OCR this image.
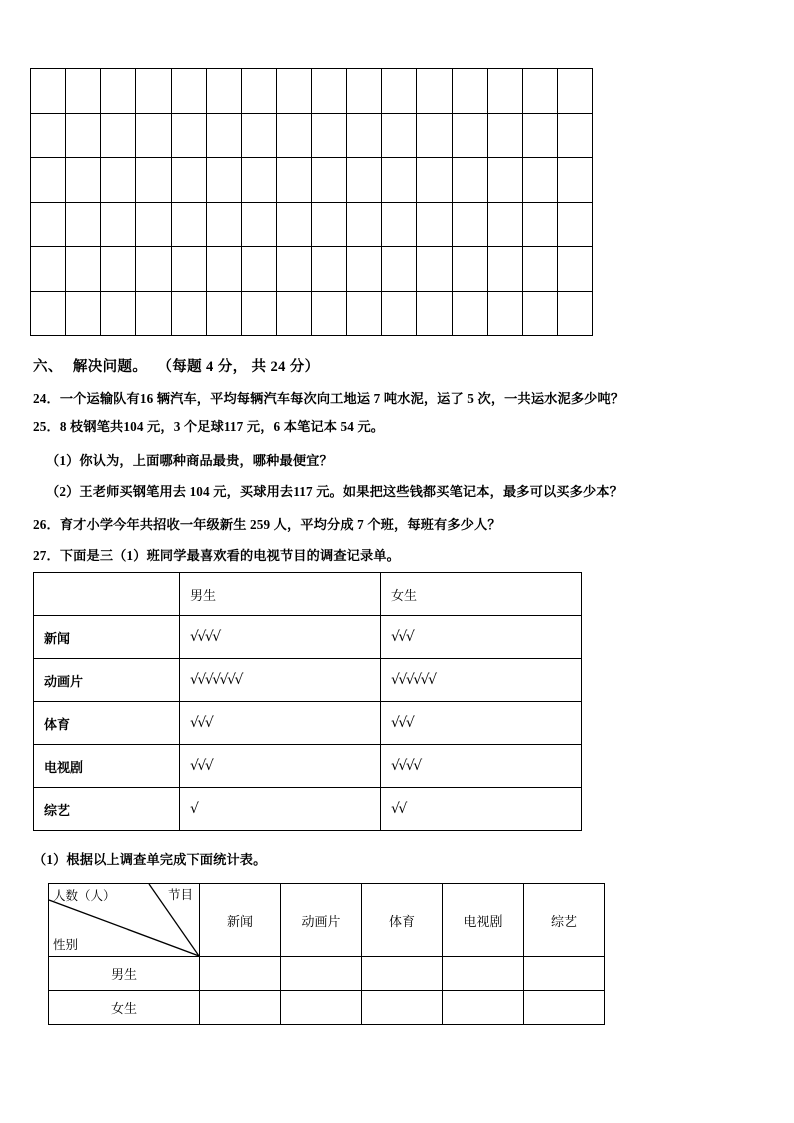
六、 解决问题。 （每题 4 分， 共 24 分）
24．一个运输队有16 辆汽车，平均每辆汽车每次向工地运 7 吨水泥，运了 5 次，一共运水泥多少吨？
25．8 枝钢笔共104 元，3 个足球117 元，6 本笔记本 54 元。
（1）你认为，上面哪种商品最贵，哪种最便宜？
（2）王老师买钢笔用去 104 元，买球用去117 元。如果把这些钱都买笔记本，最多可以买多少本？
26．育才小学今年共招收一年级新生 259 人，平均分成 7 个班，每班有多少人？
27．下面是三（1）班同学最喜欢看的电视节目的调查记录单。
	男生	女生
新闻	√√√√	√√√
动画片	√√√√√√√	√√√√√√
体育	√√√	√√√
电视剧	√√√	√√√√
综艺	√	√√
（1）根据以上调查单完成下面统计表。
人数（人） 节目
性别	新闻	动画片	体育	电视剧	综艺
男生					
女生					
